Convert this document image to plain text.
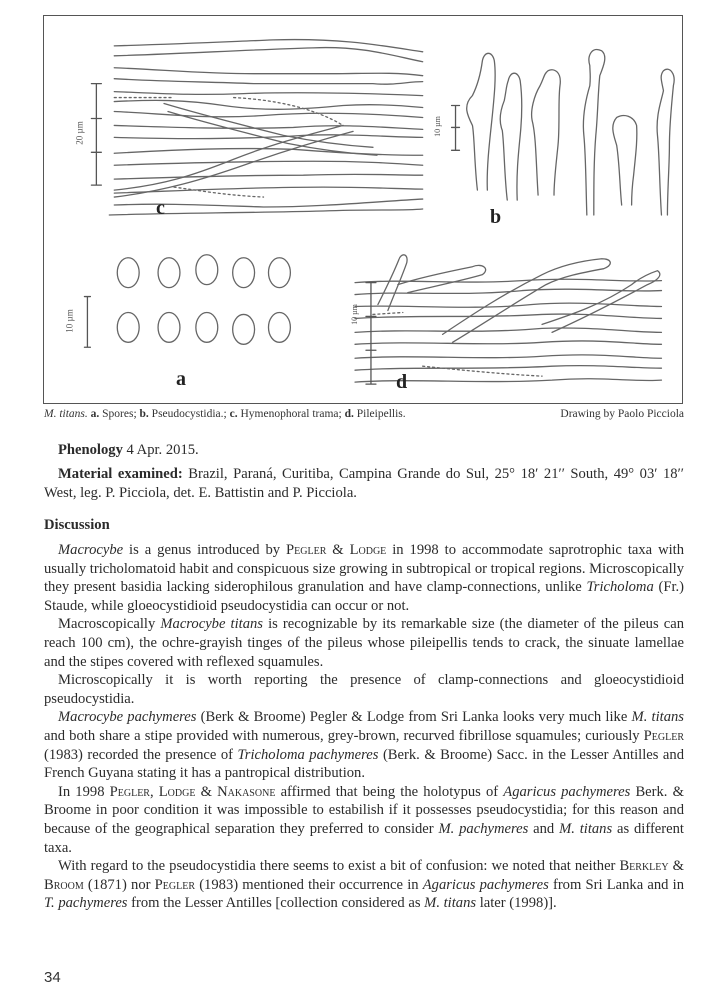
c	b
a	d
20 µm	10 µm
10 µm	10 µm
M. titans. a. Spores; b. Pseudocystidia.; c. Hymenophoral trama; d. Pileipellis.	Drawing by Paolo Picciola
Phenology 4 Apr. 2015.
Material examined: Brazil, Paraná, Curitiba, Campina Grande do Sul, 25° 18′ 21′′ South, 49° 03′ 18′′ West, leg. P. Picciola, det. E. Battistin and P. Picciola.
Discussion

Macrocybe is a genus introduced by Pegler & Lodge in 1998 to accommodate saprotrophic taxa with usually tricholomatoid habit and conspicuous size growing in subtropical or tropical regions. Microscopically they present basidia lacking siderophilous granulation and have clamp-connections, unlike Tricholoma (Fr.) Staude, while gloeocystidioid pseudocystidia can occur or not.

Macroscopically Macrocybe titans is recognizable by its remarkable size (the diameter of the pileus can reach 100 cm), the ochre-grayish tinges of the pileus whose pileipellis tends to crack, the sinuate lamellae and the stipes covered with reflexed squamules.

Microscopically it is worth reporting the presence of clamp-connections and gloeocystidioid pseudocystidia.

Macrocybe pachymeres (Berk & Broome) Pegler & Lodge from Sri Lanka looks very much like M. titans and both share a stipe provided with numerous, grey-brown, recurved fibrillose squamules; curiously Pegler (1983) recorded the presence of Tricholoma pachymeres (Berk. & Broome) Sacc. in the Lesser Antilles and French Guyana stating it has a pantropical distribution.

In 1998 Pegler, Lodge & Nakasone affirmed that being the holotypus of Agaricus pachymeres Berk. & Broome in poor condition it was impossible to estabilish if it possesses pseudocystidia; for this reason and because of the geographical separation they preferred to consider M. pachymeres and M. titans as different taxa.

With regard to the pseudocystidia there seems to exist a bit of confusion: we noted that neither Berkley & Broom (1871) nor Pegler (1983) mentioned their occurrence in Agaricus pachymeres from Sri Lanka and in T. pachymeres from the Lesser Antilles [collection considered as M. titans later (1998)].

34
